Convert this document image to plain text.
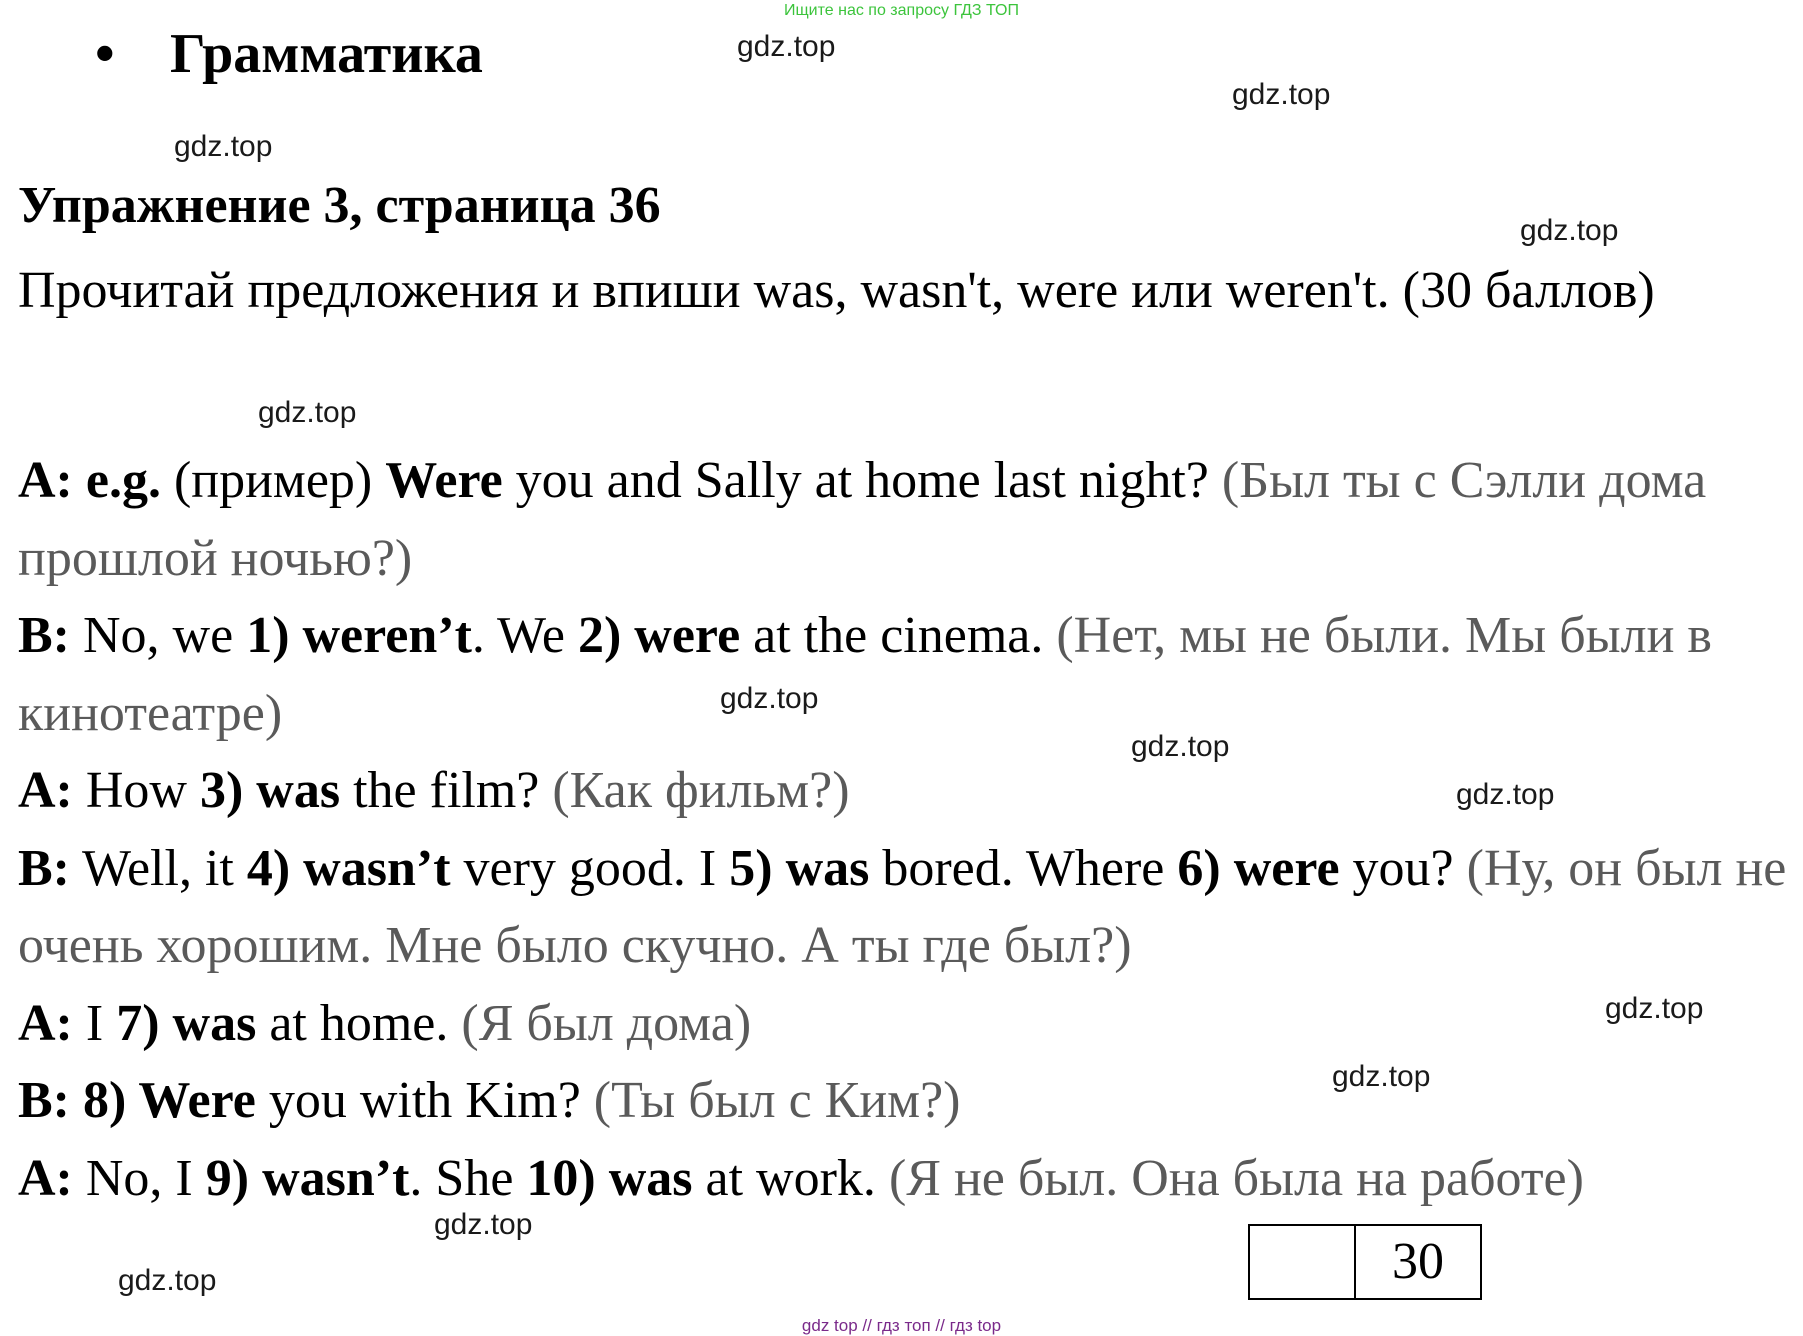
Ищите нас по запросу ГДЗ ТОП
• Грамматика
Упражнение 3, страница 36
Прочитай предложения и впиши was, wasn't, were или weren't. (30 баллов)
A: e.g. (пример) Were you and Sally at home last night? (Был ты с Сэлли дома прошлой ночью?)
B: No, we 1) weren’t. We 2) were at the cinema. (Нет, мы не были. Мы были в кинотеатре)
A: How 3) was the film? (Как фильм?)
B: Well, it 4) wasn’t very good. I 5) was bored. Where 6) were you? (Ну, он был не очень хорошим. Мне было скучно. А ты где был?)
A: I 7) was at home. (Я был дома)
B: 8) Were you with Kim? (Ты был с Ким?)
A: No, I 9) wasn’t. She 10) was at work. (Я не был. Она была на работе)
gdz.top
gdz.top
gdz.top
gdz.top
gdz.top
gdz.top
gdz.top
gdz.top
gdz.top
gdz.top
gdz.top
gdz.top	30
gdz top // гдз топ // гдз top
